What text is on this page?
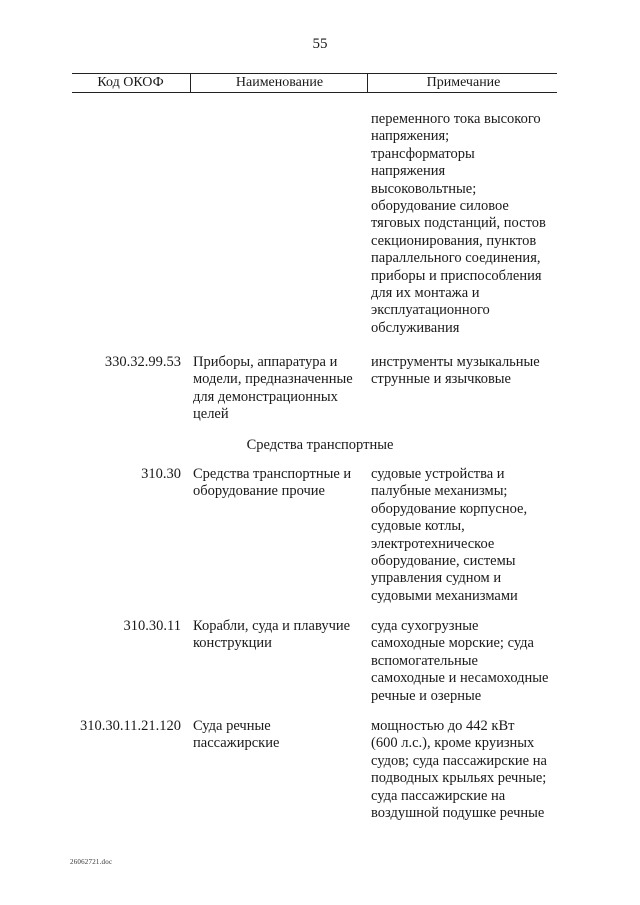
55
Код ОКОФ	Наименование	Примечание
переменного тока высокого
напряжения;
трансформаторы
напряжения
высоковольтные;
оборудование силовое
тяговых подстанций, постов
секционирования, пунктов
параллельного соединения,
приборы и приспособления
для их монтажа и
эксплуатационного
обслуживания
330.32.99.53 Приборы, аппаратура и
модели, предназначенные
для демонстрационных
целей
инструменты музыкальные
струнные и язычковые
Средства транспортные
310.30 Средства транспортные и
оборудование прочие
судовые устройства и
палубные механизмы;
оборудование корпусное,
судовые котлы,
электротехническое
оборудование, системы
управления судном и
судовыми механизмами
310.30.11 Корабли, суда и плавучие
конструкции
суда сухогрузные
самоходные морские; суда
вспомогательные
самоходные и несамоходные
речные и озерные
310.30.11.21.120 Суда речные
пассажирские
мощностью до 442 кВт
(600 л.с.), кроме круизных
судов; суда пассажирские на
подводных крыльях речные;
суда пассажирские на
воздушной подушке речные
26062721.doc
